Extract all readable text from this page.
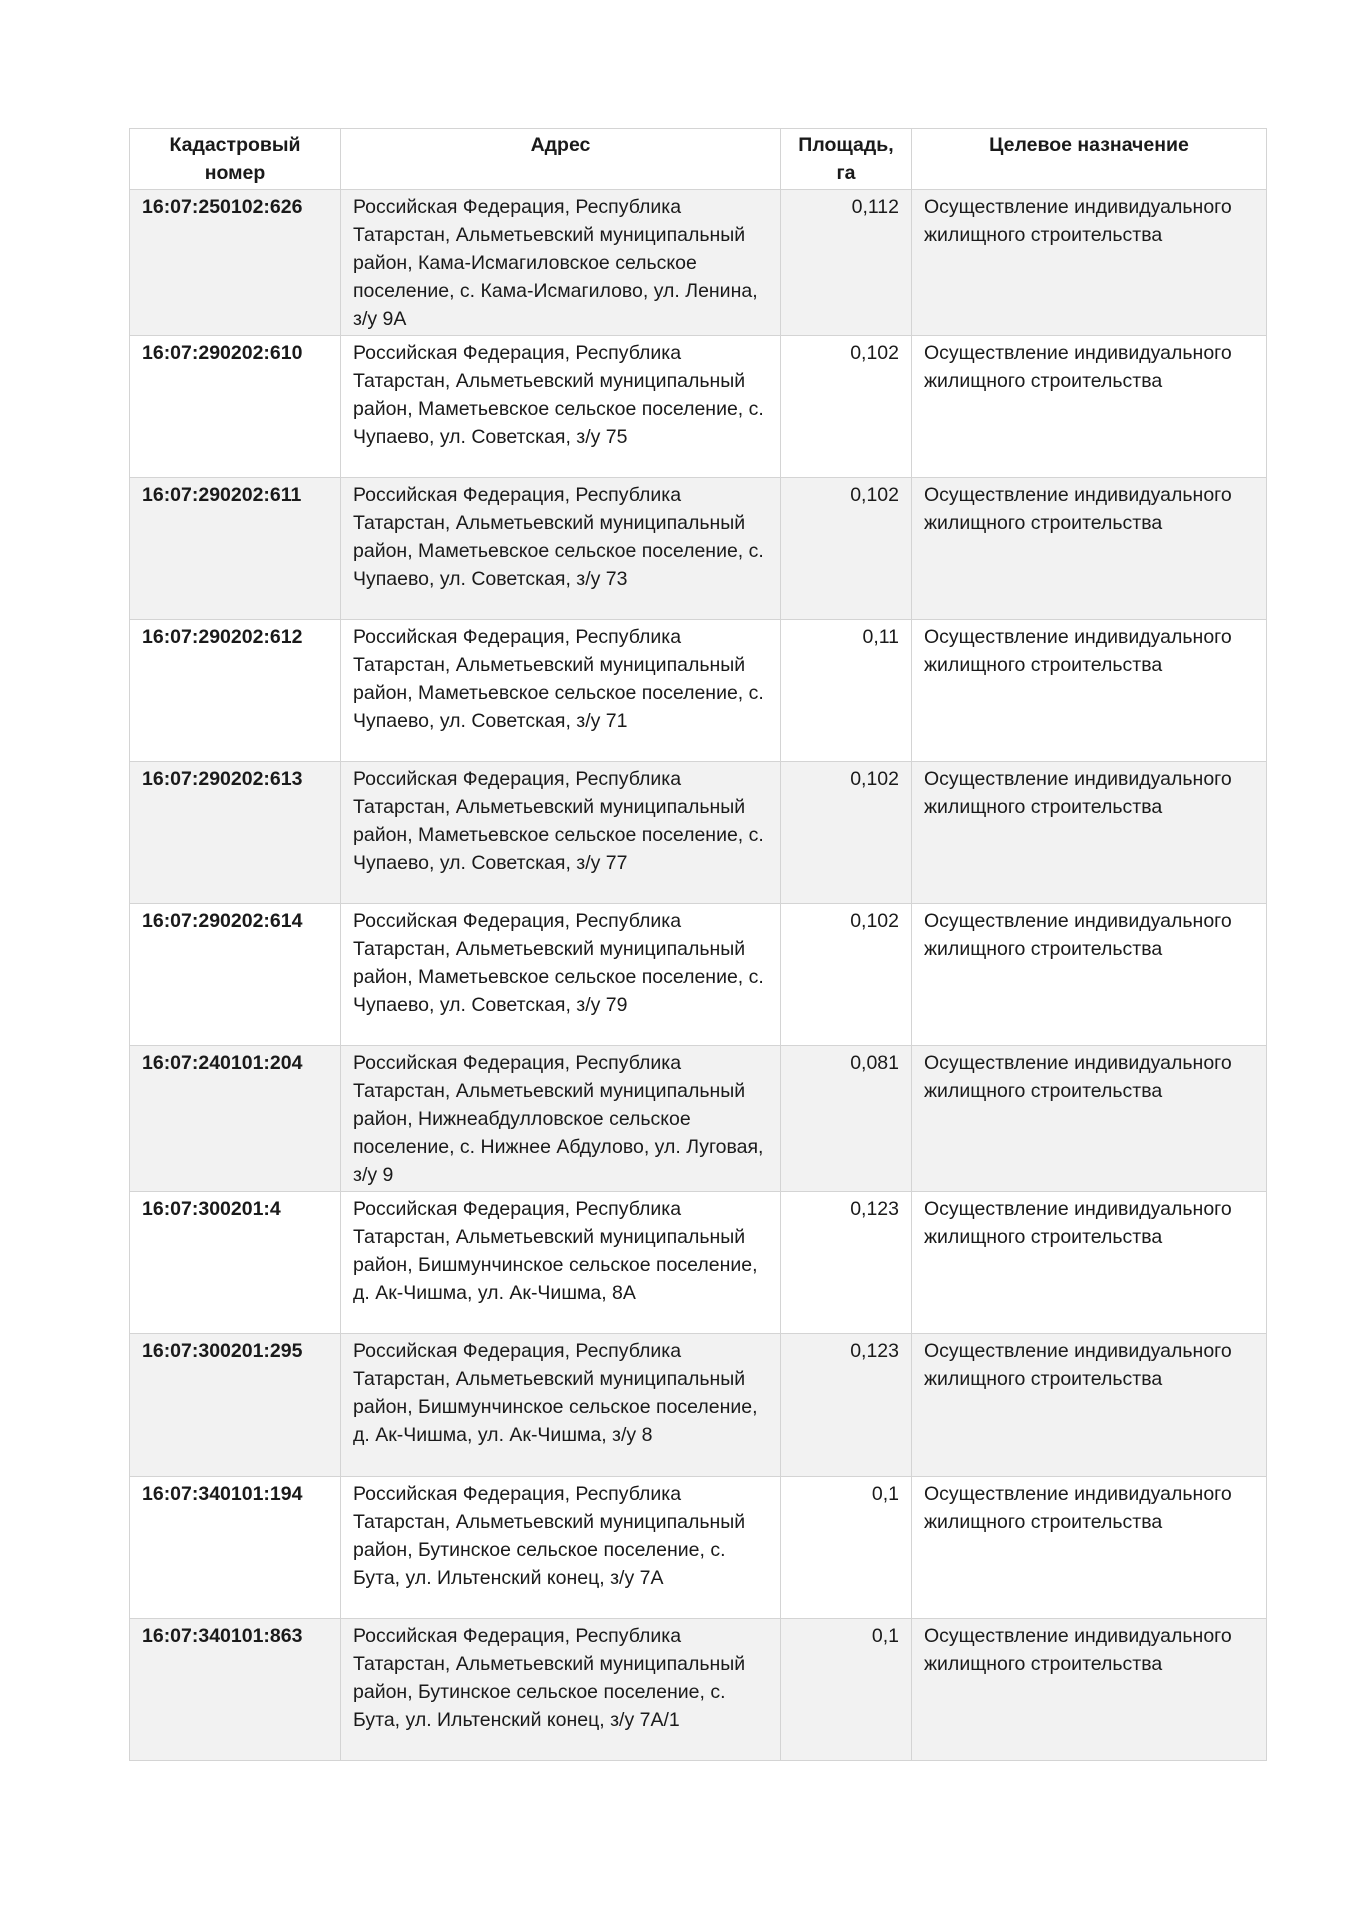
Кадастровый номер	Адрес	Площадь, га	Целевое назначение
16:07:250102:626	Российская Федерация, Республика Татарстан, Альметьевский муниципальный район, Кама-Исмагиловское сельское поселение, с. Кама-Исмагилово, ул. Ленина, з/у 9А	0,112	Осуществление индивидуального жилищного строительства
16:07:290202:610	Российская Федерация, Республика Татарстан, Альметьевский муниципальный район, Маметьевское сельское поселение, с. Чупаево, ул. Советская, з/у 75	0,102	Осуществление индивидуального жилищного строительства
16:07:290202:611	Российская Федерация, Республика Татарстан, Альметьевский муниципальный район, Маметьевское сельское поселение, с. Чупаево, ул. Советская, з/у 73	0,102	Осуществление индивидуального жилищного строительства
16:07:290202:612	Российская Федерация, Республика Татарстан, Альметьевский муниципальный район, Маметьевское сельское поселение, с. Чупаево, ул. Советская, з/у 71	0,11	Осуществление индивидуального жилищного строительства
16:07:290202:613	Российская Федерация, Республика Татарстан, Альметьевский муниципальный район, Маметьевское сельское поселение, с. Чупаево, ул. Советская, з/у 77	0,102	Осуществление индивидуального жилищного строительства
16:07:290202:614	Российская Федерация, Республика Татарстан, Альметьевский муниципальный район, Маметьевское сельское поселение, с. Чупаево, ул. Советская, з/у 79	0,102	Осуществление индивидуального жилищного строительства
16:07:240101:204	Российская Федерация, Республика Татарстан, Альметьевский муниципальный район, Нижнеабдулловское сельское поселение, с. Нижнее Абдулово, ул. Луговая, з/у 9	0,081	Осуществление индивидуального жилищного строительства
16:07:300201:4	Российская Федерация, Республика Татарстан, Альметьевский муниципальный район, Бишмунчинское сельское поселение, д. Ак-Чишма, ул. Ак-Чишма, 8А	0,123	Осуществление индивидуального жилищного строительства
16:07:300201:295	Российская Федерация, Республика Татарстан, Альметьевский муниципальный район, Бишмунчинское сельское поселение, д. Ак-Чишма, ул. Ак-Чишма, з/у 8	0,123	Осуществление индивидуального жилищного строительства
16:07:340101:194	Российская Федерация, Республика Татарстан, Альметьевский муниципальный район, Бутинское сельское поселение, с. Бута, ул. Ильтенский конец, з/у 7А	0,1	Осуществление индивидуального жилищного строительства
16:07:340101:863	Российская Федерация, Республика Татарстан, Альметьевский муниципальный район, Бутинское сельское поселение, с. Бута, ул. Ильтенский конец, з/у 7А/1	0,1	Осуществление индивидуального жилищного строительства
